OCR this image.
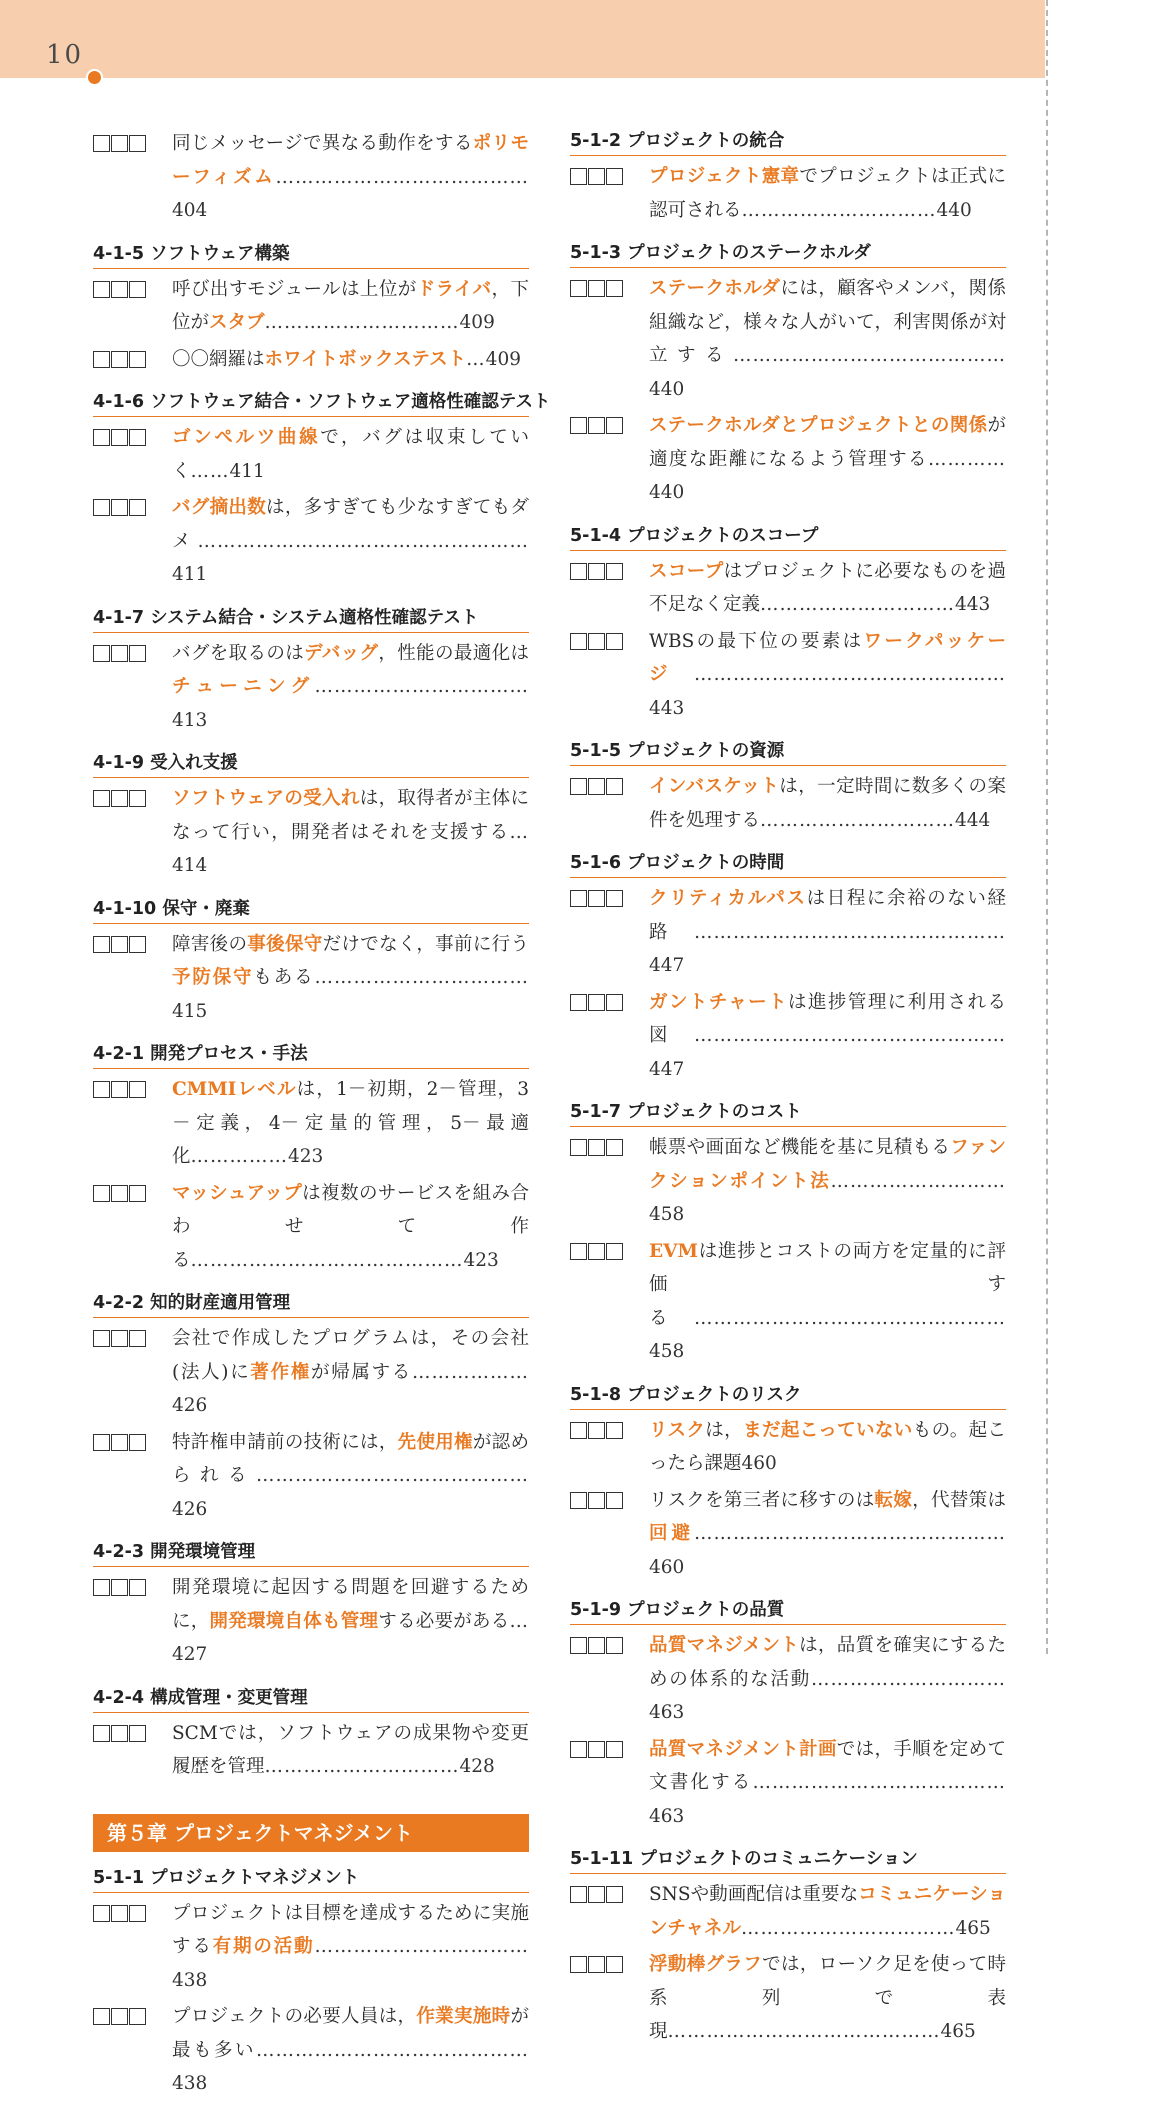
10
同じメッセージで異なる動作をするポリモーフィズム…………………………………404
4-1-5 ソフトウェア構築
呼び出すモジュールは上位がドライバ，下位がスタブ…………………………409
〇〇網羅はホワイトボックステスト…409
4-1-6 ソフトウェア結合・ソフトウェア適格性確認テスト
ゴンペルツ曲線で，バグは収束していく……411
バグ摘出数は，多すぎても少なすぎてもダメ……………………………………………411
4-1-7 システム結合・システム適格性確認テスト
バグを取るのはデバッグ，性能の最適化はチューニング……………………………413
4-1-9 受入れ支援
ソフトウェアの受入れは，取得者が主体になって行い，開発者はそれを支援する…414
4-1-10 保守・廃棄
障害後の事後保守だけでなく，事前に行う予防保守もある……………………………415
4-2-1 開発プロセス・手法
CMMIレベルは，1－初期，2－管理，3－定義，4－定量的管理，5－最適化……………423
マッシュアップは複数のサービスを組み合わせて作る……………………………………423
4-2-2 知的財産適用管理
会社で作成したプログラムは，その会社(法人)に著作権が帰属する………………426
特許権申請前の技術には，先使用権が認められる……………………………………426
4-2-3 開発環境管理
開発環境に起因する問題を回避するために，開発環境自体も管理する必要がある…427
4-2-4 構成管理・変更管理
SCMでは，ソフトウェアの成果物や変更履歴を管理…………………………428
第５章 プロジェクトマネジメント
5-1-1 プロジェクトマネジメント
プロジェクトは目標を達成するために実施する有期の活動……………………………438
プロジェクトの必要人員は，作業実施時が最も多い……………………………………438
5-1-2 プロジェクトの統合
プロジェクト憲章でプロジェクトは正式に認可される…………………………440
5-1-3 プロジェクトのステークホルダ
ステークホルダには，顧客やメンバ，関係組織など，様々な人がいて，利害関係が対立する……………………………………440
ステークホルダとプロジェクトとの関係が適度な距離になるよう管理する…………440
5-1-4 プロジェクトのスコープ
スコープはプロジェクトに必要なものを過不足なく定義…………………………443
WBSの最下位の要素はワークパッケージ…………………………………………443
5-1-5 プロジェクトの資源
インバスケットは，一定時間に数多くの案件を処理する…………………………444
5-1-6 プロジェクトの時間
クリティカルパスは日程に余裕のない経路…………………………………………447
ガントチャートは進捗管理に利用される図…………………………………………447
5-1-7 プロジェクトのコスト
帳票や画面など機能を基に見積もるファンクションポイント法………………………458
EVMは進捗とコストの両方を定量的に評価する…………………………………………458
5-1-8 プロジェクトのリスク
リスクは，まだ起こっていないもの。起こったら課題460
リスクを第三者に移すのは転嫁，代替策は回避…………………………………………460
5-1-9 プロジェクトの品質
品質マネジメントは，品質を確実にするための体系的な活動…………………………463
品質マネジメント計画では，手順を定めて文書化する…………………………………463
5-1-11 プロジェクトのコミュニケーション
SNSや動画配信は重要なコミュニケーションチャネル……………………………465
浮動棒グラフでは，ローソク足を使って時系列で表現……………………………………465
